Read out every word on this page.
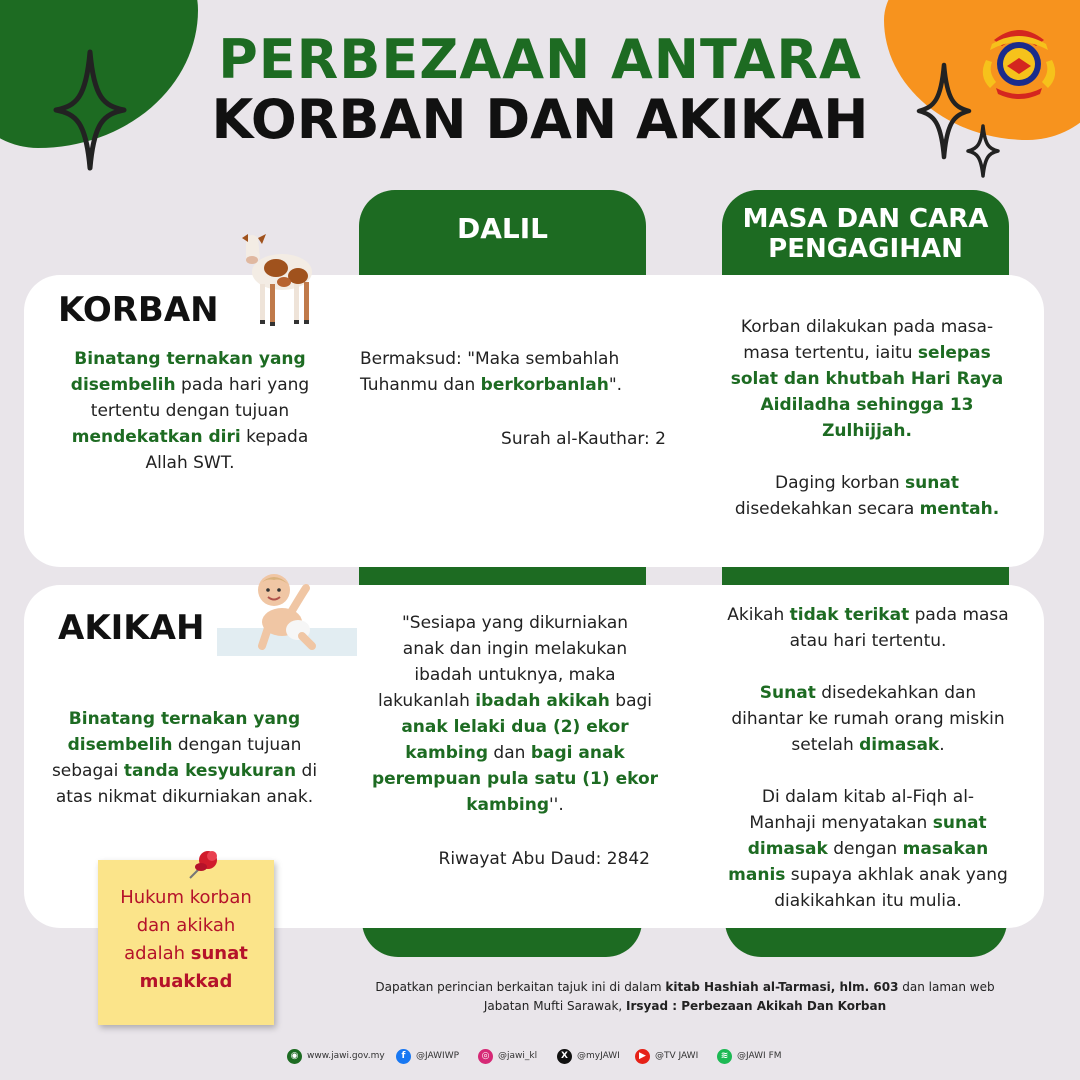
PERBEZAAN ANTARA
KORBAN DAN AKIKAH
DALIL	MASA DAN CARA
PENGAGIHAN
KORBAN
Binatang ternakan yang
disembelih pada hari yang
tertentu dengan tujuan
mendekatkan diri kepada
Allah SWT.
Bermaksud: "Maka sembahlah
Tuhanmu dan berkorbanlah".
Surah al-Kauthar: 2
Korban dilakukan pada masa-
masa tertentu, iaitu selepas
solat dan khutbah Hari Raya
Aidiladha sehingga 13
Zulhijjah.

Daging korban sunat
disedekahkan secara mentah.
AKIKAH
Binatang ternakan yang
disembelih dengan tujuan
sebagai tanda kesyukuran di
atas nikmat dikurniakan anak.
"Sesiapa yang dikurniakan
anak dan ingin melakukan
ibadah untuknya, maka
lakukanlah ibadah akikah bagi
anak lelaki dua (2) ekor
kambing dan bagi anak
perempuan pula satu (1) ekor
kambing''.
Riwayat Abu Daud: 2842
Akikah tidak terikat pada masa
atau hari tertentu.

Sunat disedekahkan dan
dihantar ke rumah orang miskin
setelah dimasak.

Di dalam kitab al-Fiqh al-
Manhaji menyatakan sunat
dimasak dengan masakan
manis supaya akhlak anak yang
diakikahkan itu mulia.
Hukum korban
dan akikah
adalah sunat
muakkad	Dapatkan perincian berkaitan tajuk ini di dalam kitab Hashiah al-Tarmasi, hlm. 603 dan laman web
Jabatan Mufti Sarawak, Irsyad : Perbezaan Akikah Dan Korban
◉ www.jawi.gov.my	f	@JAWIWP	◎ @jawi_kl	X	@myJAWI	▶	@TV JAWI	≋ @JAWI FM
